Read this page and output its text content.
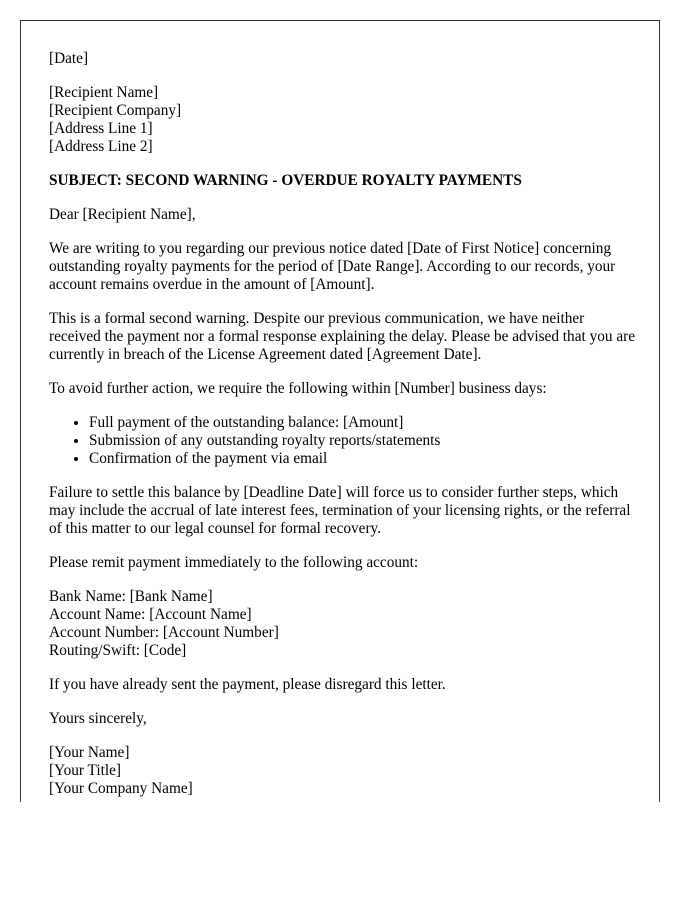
[Date]

[Recipient Name]
[Recipient Company]
[Address Line 1]
[Address Line 2]

SUBJECT: SECOND WARNING - OVERDUE ROYALTY PAYMENTS

Dear [Recipient Name],

We are writing to you regarding our previous notice dated [Date of First Notice] concerning outstanding royalty payments for the period of [Date Range]. According to our records, your account remains overdue in the amount of [Amount].

This is a formal second warning. Despite our previous communication, we have neither received the payment nor a formal response explaining the delay. Please be advised that you are currently in breach of the License Agreement dated [Agreement Date].

To avoid further action, we require the following within [Number] business days:

• Full payment of the outstanding balance: [Amount]
• Submission of any outstanding royalty reports/statements
• Confirmation of the payment via email

Failure to settle this balance by [Deadline Date] will force us to consider further steps, which may include the accrual of late interest fees, termination of your licensing rights, or the referral of this matter to our legal counsel for formal recovery.

Please remit payment immediately to the following account:

Bank Name: [Bank Name]
Account Name: [Account Name]
Account Number: [Account Number]
Routing/Swift: [Code]

If you have already sent the payment, please disregard this letter.

Yours sincerely,

[Your Name]
[Your Title]
[Your Company Name]
